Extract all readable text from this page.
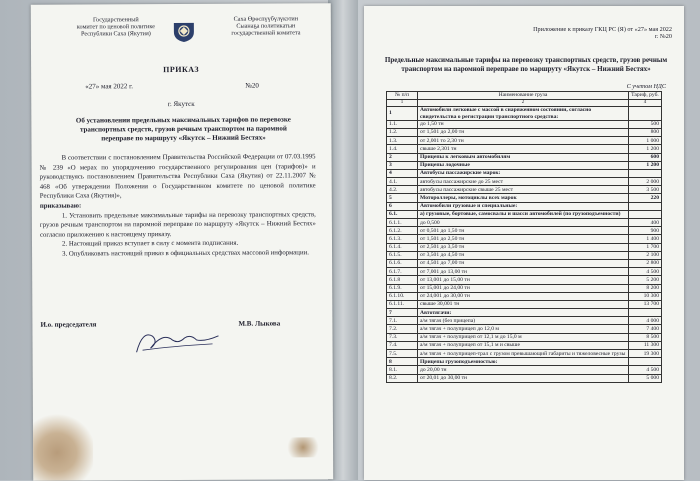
Государственный
комитет по ценовой политике
Республики Саха (Якутия)
Саха Өрөспүүбүлүкэтин
Сыанаҕа политикатын
государственнай комитета
ПРИКАЗ
«27» мая 2022 г.	№20
г. Якутск
Об установлении предельных максимальных тарифов по перевозке транспортных средств, грузов речным транспортом на паромной переправе по маршруту «Якутск – Нижний Бестях»

В соответствии с постановлением Правительства Российской Федерации от 07.03.1995 № 239 «О мерах по упорядочению государственного регулирования цен (тарифов)» и руководствуясь постановлением Правительства Республики Саха (Якутия) от 22.11.2007 № 468 «Об утверждении Положения о Государственном комитете по ценовой политике Республики Саха (Якутия)»,

приказываю:

1. Установить предельные максимальные тарифы на перевозку транспортных средств, грузов речным транспортом на паромной переправе по маршруту «Якутск – Нижний Бестях» согласно приложению к настоящему приказу.

2. Настоящий приказ вступает в силу с момента подписания.

3. Опубликовать настоящий приказ в официальных средствах массовой информации.

И.о. председателя	М.В. Лыкова
Приложение к приказу ГКЦ РС (Я) от «27» мая 2022 г. №20
Предельные максимальные тарифы на перевозку транспортных средств, грузов речным транспортом на паромной переправе по маршруту «Якутск – Нижний Бестях»
С учетом НДС
№ п/п	Наименование груза	Тариф, руб.
1	2	4
1	Автомобили легковые с массой в снаряженном состоянии, согласно свидетельства о регистрации транспортного средства:	
1.1.	до 1,50 тн	500
1.2.	от 1,501 до 2,00 тн	800
1.3.	от 2,001 то 2,30 тн	1 000
1.4.	свыше 2,301 тн	1 200
2	Прицепы к легковым автомобилям	600
3	Прицепы лодочные	1 200
4	Автобусы пассажирские марок:	
4.1.	автобусы пассажирские до 25 мест	2 000
4.2.	автобусы пассажирские свыше 25 мест	3 500
5	Мотороллеры, мотоциклы всех марок	220
6	Автомобили грузовые и специальные:	
6.1.	а) грузовые, бортовые, самосвалы и шасси автомобилей (по грузоподъемности)	
6.1.1.	до 0,500	400
6.1.2.	от 0,501 до 1,50 тн	900
6.1.3.	от 1,501 до 2,50 тн	1 400
6.1.4.	от 2,501 до 3,50 тн	1 700
6.1.5.	от 3,501 до 4,50 тн	2 100
6.1.6.	от 4,501 до 7,00 тн	2 800
6.1.7.	от 7,001 до 13,00 тн	4 500
6.1.8	от 13,001 до 15,00 тн	5 200
6.1.9.	от 15,001 до 24,00 тн	8 200
6.1.10.	от 24,001 до 30,00 тн	10 300
6.1.11.	свыше 30,001 тн	13 700
7	Автотягачи:	
7.1.	а/м тягач (без прицепа)	4 000
7.2.	а/м тягач + полуприцеп до 12,0 м	7 400
7.3.	а/м тягач + полуприцеп от 12,1 м до 15,0 м	8 500
7.4.	а/м тягач + полуприцеп от 15,1 м и свыше	11 300
7.5.	а/м тягач + полуприцеп-трал с грузом превышающий габариты и тяжеловесные грузы	19 300
8	Прицепы грузоподъемностью:	
8.1.	до 20,00 тн	4 500
8.2.	от 20,01 до 30,00 тн	5 000
